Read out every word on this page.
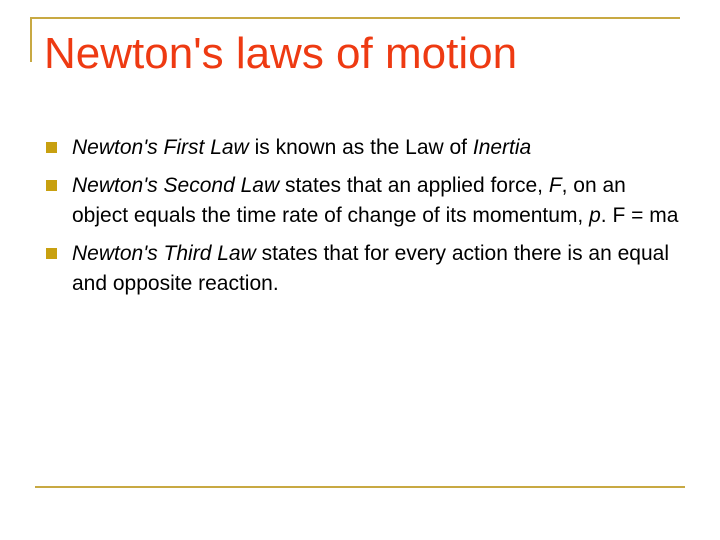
Newton's laws of motion
Newton's First Law is known as the Law of Inertia
Newton's Second Law states that an applied force, F, on an object equals the time rate of change of its momentum, p. F = ma
Newton's Third Law states that for every action there is an equal and opposite reaction.
